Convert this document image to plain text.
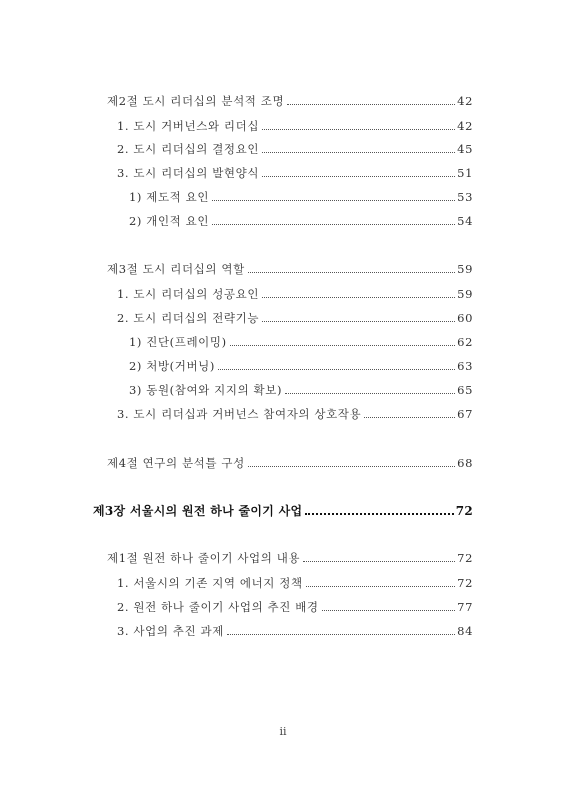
제2절 도시 리더십의 분석적 조명	42
1. 도시 거버넌스와 리더십	42
2. 도시 리더십의 결정요인	45
3. 도시 리더십의 발현양식	51
1) 제도적 요인	53
2) 개인적 요인	54
제3절 도시 리더십의 역할	59
1. 도시 리더십의 성공요인	59
2. 도시 리더십의 전략기능	60
1) 진단(프레이밍)	62
2) 처방(거버닝)	63
3) 동원(참여와 지지의 확보)	65
3. 도시 리더십과 거버넌스 참여자의 상호작용	67
제4절 연구의 분석틀 구성	68
제3장 서울시의 원전 하나 줄이기 사업	72
제1절 원전 하나 줄이기 사업의 내용	72
1. 서울시의 기존 지역 에너지 정책	72
2. 원전 하나 줄이기 사업의 추진 배경	77
3. 사업의 추진 과제	84
ii
